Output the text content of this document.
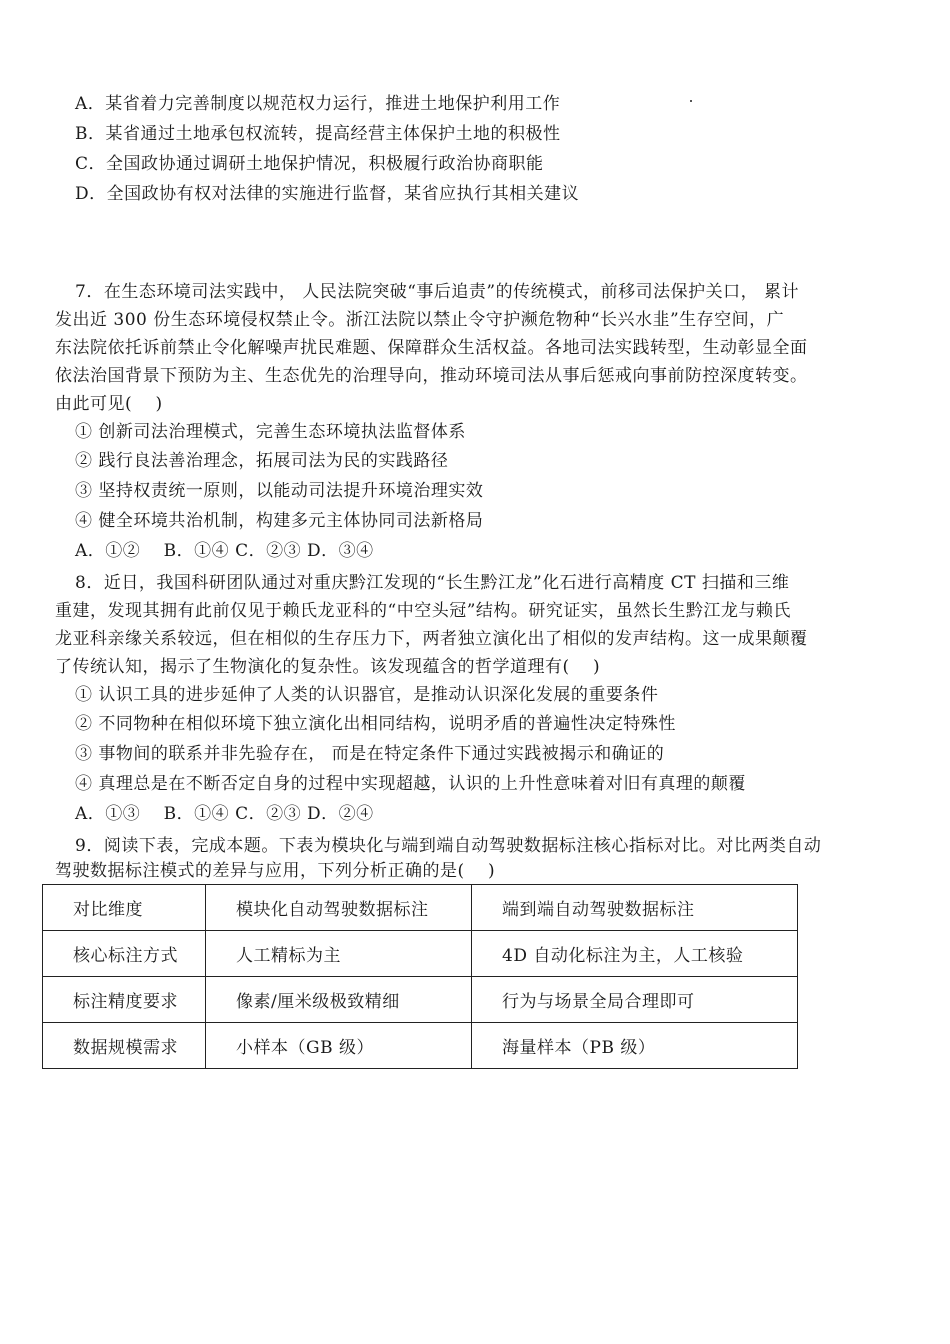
A．某省着力完善制度以规范权力运行，推进土地保护利用工作
B．某省通过土地承包权流转，提高经营主体保护土地的积极性
C．全国政协通过调研土地保护情况，积极履行政治协商职能
D．全国政协有权对法律的实施进行监督，某省应执行其相关建议
7．在生态环境司法实践中， 人民法院突破“事后追责”的传统模式，前移司法保护关口， 累计
发出近 300 份生态环境侵权禁止令。浙江法院以禁止令守护濒危物种“长兴水韭”生存空间，广
东法院依托诉前禁止令化解噪声扰民难题、保障群众生活权益。各地司法实践转型，生动彰显全面
依法治国背景下预防为主、生态优先的治理导向，推动环境司法从事后惩戒向事前防控深度转变。
由此可见(　 )
① 创新司法治理模式，完善生态环境执法监督体系
② 践行良法善治理念，拓展司法为民的实践路径
③ 坚持权责统一原则，以能动司法提升环境治理实效
④ 健全环境共治机制，构建多元主体协同司法新格局
A．①②　 B．①④ C．②③ D．③④
8．近日，我国科研团队通过对重庆黔江发现的“长生黔江龙”化石进行高精度 CT 扫描和三维
重建，发现其拥有此前仅见于赖氏龙亚科的“中空头冠”结构。研究证实，虽然长生黔江龙与赖氏
龙亚科亲缘关系较远，但在相似的生存压力下，两者独立演化出了相似的发声结构。这一成果颠覆
了传统认知，揭示了生物演化的复杂性。该发现蕴含的哲学道理有(　 )
① 认识工具的进步延伸了人类的认识器官，是推动认识深化发展的重要条件
② 不同物种在相似环境下独立演化出相同结构，说明矛盾的普遍性决定特殊性
③ 事物间的联系并非先验存在， 而是在特定条件下通过实践被揭示和确证的
④ 真理总是在不断否定自身的过程中实现超越，认识的上升性意味着对旧有真理的颠覆
A．①③　 B．①④ C．②③ D．②④
9．阅读下表，完成本题。下表为模块化与端到端自动驾驶数据标注核心指标对比。对比两类自动
驾驶数据标注模式的差异与应用，下列分析正确的是(　 )
对比维度	模块化自动驾驶数据标注	端到端自动驾驶数据标注
核心标注方式	人工精标为主	4D 自动化标注为主，人工核验
标注精度要求	像素/厘米级极致精细	行为与场景全局合理即可
数据规模需求	小样本（GB 级）	海量样本（PB 级）
